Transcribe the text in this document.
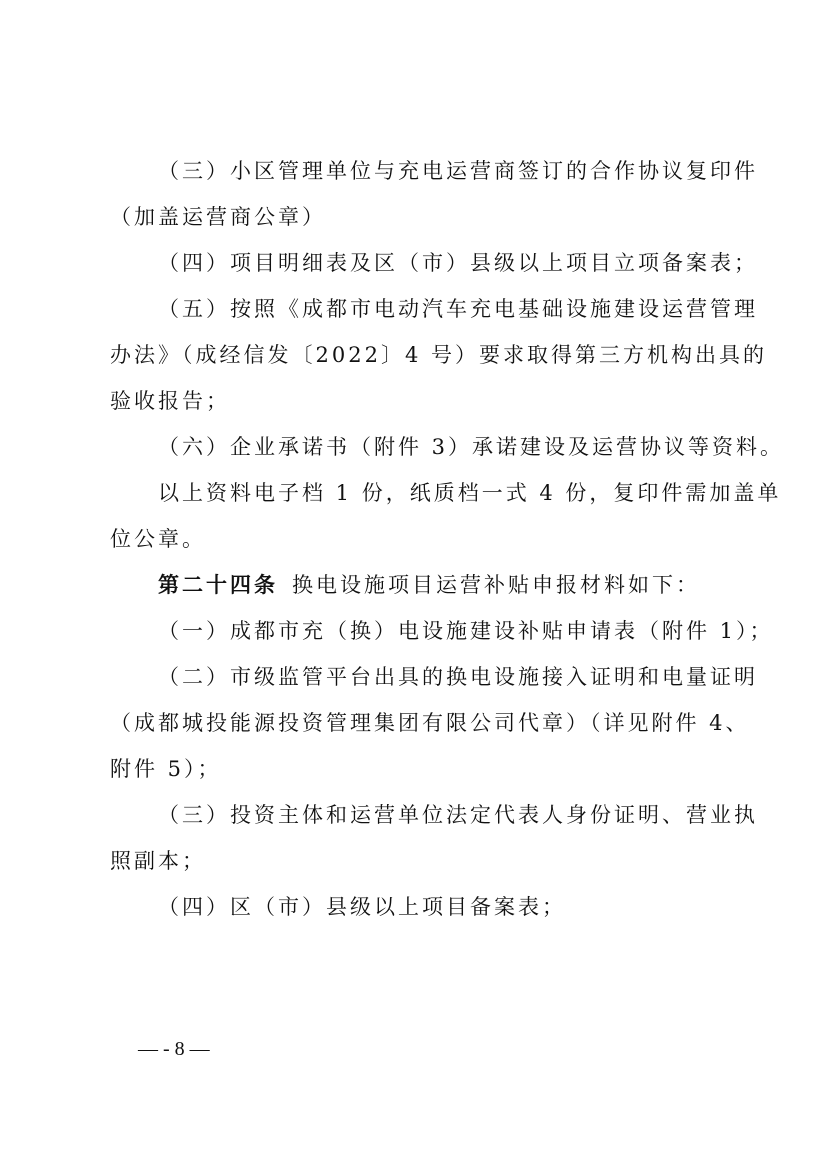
（三）小区管理单位与充电运营商签订的合作协议复印件
（加盖运营商公章）
（四）项目明细表及区（市）县级以上项目立项备案表；
（五）按照《成都市电动汽车充电基础设施建设运营管理
办法》（成经信发〔2022〕4 号）要求取得第三方机构出具的
验收报告；
（六）企业承诺书（附件 3）承诺建设及运营协议等资料。
以上资料电子档 1 份，纸质档一式 4 份，复印件需加盖单
位公章。
第二十四条 换电设施项目运营补贴申报材料如下：
（一）成都市充（换）电设施建设补贴申请表（附件 1）；
（二）市级监管平台出具的换电设施接入证明和电量证明
（成都城投能源投资管理集团有限公司代章）（详见附件 4、
附件 5）；
（三）投资主体和运营单位法定代表人身份证明、营业执
照副本；
（四）区（市）县级以上项目备案表；
— - 8 —
